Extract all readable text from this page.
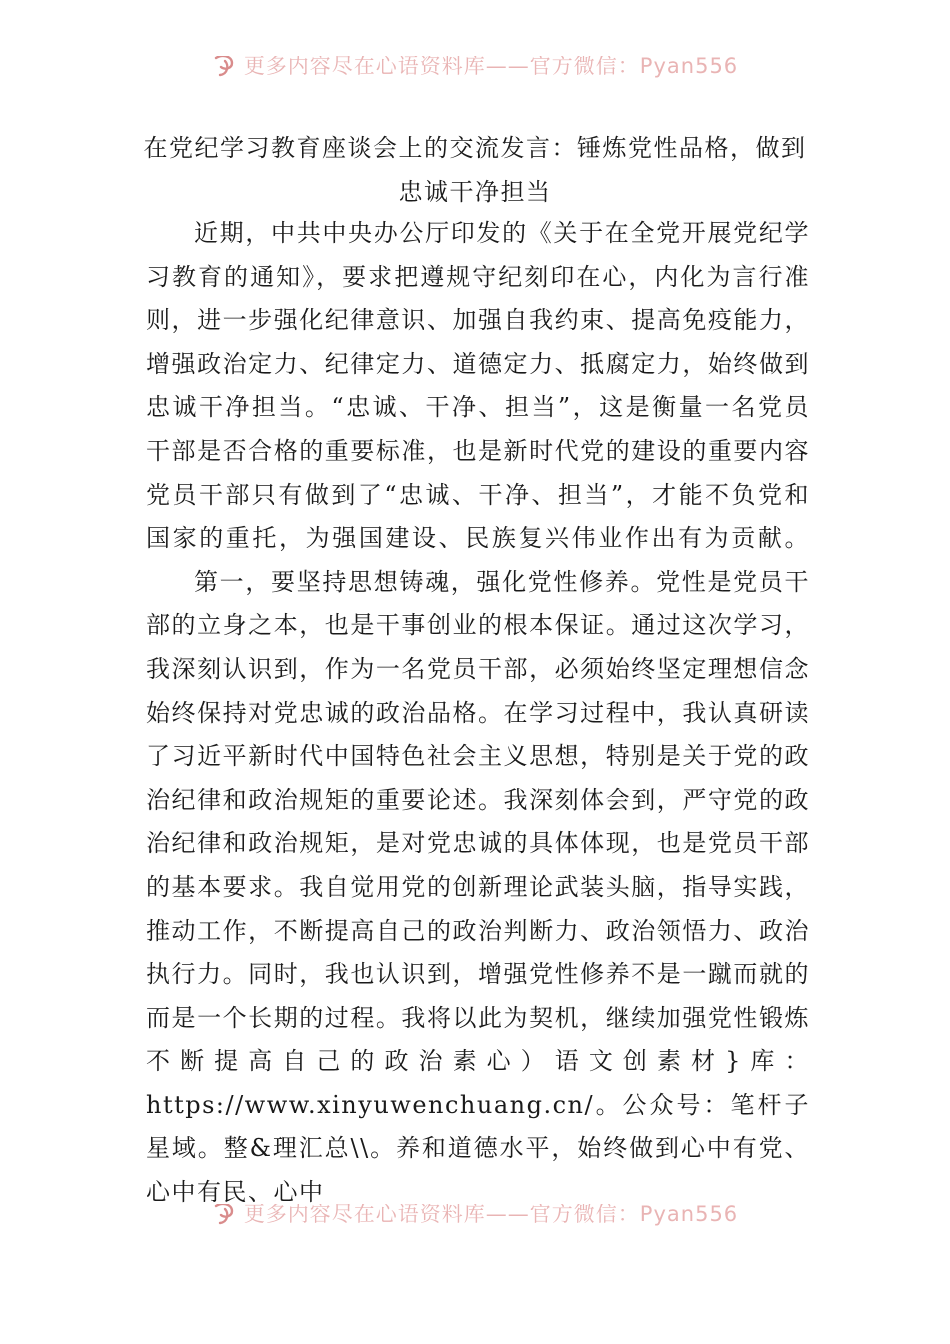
更多内容尽在心语资料库——官方微信：Pyan556
在党纪学习教育座谈会上的交流发言：锤炼党性品格，做到忠诚干净担当

近期，中共中央办公厅印发的《关于在全党开展党纪学习教育的通知》，要求把遵规守纪刻印在心，内化为言行准则，进一步强化纪律意识、加强自我约束、提高免疫能力，增强政治定力、纪律定力、道德定力、抵腐定力，始终做到忠诚干净担当。“忠诚、干净、担当”，这是衡量一名党员干部是否合格的重要标准，也是新时代党的建设的重要内容党员干部只有做到了“忠诚、干净、担当”，才能不负党和国家的重托，为强国建设、民族复兴伟业作出有为贡献。

第一，要坚持思想铸魂，强化党性修养。党性是党员干部的立身之本，也是干事创业的根本保证。通过这次学习，我深刻认识到，作为一名党员干部，必须始终坚定理想信念始终保持对党忠诚的政治品格。在学习过程中，我认真研读了习近平新时代中国特色社会主义思想，特别是关于党的政治纪律和政治规矩的重要论述。我深刻体会到，严守党的政治纪律和政治规矩，是对党忠诚的具体体现，也是党员干部的基本要求。我自觉用党的创新理论武装头脑，指导实践，推动工作，不断提高自己的政治判断力、政治领悟力、政治执行力。同时，我也认识到，增强党性修养不是一蹴而就的而是一个长期的过程。我将以此为契机，继续加强党性锻炼不断提高自己的政治素心）语文创素材}库：https://www.xinyuwenchuang.cn/。公众号：笔杆子星域。整&理汇总\\。养和道德水平，始终做到心中有党、心中有民、心中

更多内容尽在心语资料库——官方微信：Pyan556
